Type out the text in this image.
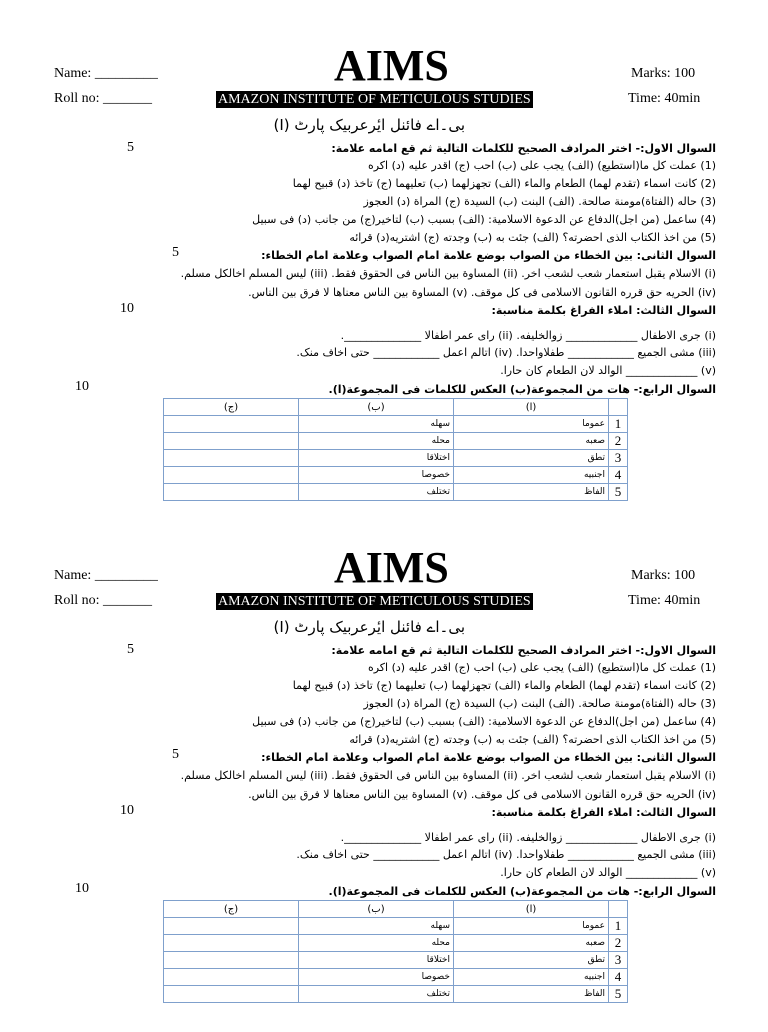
Name: _________
Roll no: _______
AIMS
AMAZON INSTITUTE OF METICULOUS STUDIES
Marks: 100
Time: 40min
بی۔اے فائنل ایٔرعربیک پارٹ (I)
5	السوال الاول:- اختر المرادف الصحیح للكلمات التالیة ثم قع امامه علامة:
(1) عملت کل ما(استطیع) (الف) یجب علی (ب) احب (ج) اقدر علیه (د) اکره
(2) کانت اسماء (تقدم لهما) الطعام والماء (الف) تجهزلهما (ب) تعليهما (ج) تاخذ (د) قبیح لهما
(3) حاله (الفتاة)مومنة صالحة. (الف) البنت (ب) السيدة (ج) المراة (د) العجوز
(4) ساعمل (من اجل)الدفاع عن الدعوة الاسلامیة: (الف) بسبب (ب) لتاخیر(ج) من جانب (د) فی سبیل
(5) من اخذ الکتاب الذی احضرته؟ (الف) جئت به (ب) وجدته (ج) اشتریه(د) قرائه
5	السوال الثانی: بین الخطاء من الصواب بوضع علامة امام الصواب وعلامة امام الخطاء:
(i) الاسلام یقبل استعمار شعب لشعب اخر. (ii) المساوة بین الناس فی الحقوق فقط. (iii) لیس المسلم اخالكل مسلم.
(iv) الحریه حق قرره القانون الاسلامی فی کل موقف. (v) المساوة بین الناس معناها لا فرق بین الناس.
10	السوال الثالث: املاء الفراغ بکلمة مناسبة:
(i) جری الاطفال _____________ زوالخلیفه. (ii) رای عمر اطفالا ______________.
(iii) مشی الجمیع ____________ طفلاواحدا. (iv) اتالم اعمل ____________ حتی اخاف منک.
(v) _____________ الوالد لان الطعام کان حارا.
10	السوال الرابع:- هات من المجموعة(ب) العکس للکلمات فی المجموعة(ا).
	(ا)	(ب)	(ج)
1	عموما	سهله	
2	صعبه	محله	
3	تطق	اختلاقا	
4	اجنبیه	خصوصا	
5	الفاظ	تختلف	
Name: _________
Roll no: _______
AIMS
AMAZON INSTITUTE OF METICULOUS STUDIES
Marks: 100
Time: 40min
بی۔اے فائنل ایٔرعربیک پارٹ (I)
5	السوال الاول:- اختر المرادف الصحیح للكلمات التالیة ثم قع امامه علامة:
(1) عملت کل ما(استطیع) (الف) یجب علی (ب) احب (ج) اقدر علیه (د) اکره
(2) کانت اسماء (تقدم لهما) الطعام والماء (الف) تجهزلهما (ب) تعليهما (ج) تاخذ (د) قبیح لهما
(3) حاله (الفتاة)مومنة صالحة. (الف) البنت (ب) السيدة (ج) المراة (د) العجوز
(4) ساعمل (من اجل)الدفاع عن الدعوة الاسلامیة: (الف) بسبب (ب) لتاخیر(ج) من جانب (د) فی سبیل
(5) من اخذ الکتاب الذی احضرته؟ (الف) جئت به (ب) وجدته (ج) اشتریه(د) قرائه
5	السوال الثانی: بین الخطاء من الصواب بوضع علامة امام الصواب وعلامة امام الخطاء:
(i) الاسلام یقبل استعمار شعب لشعب اخر. (ii) المساوة بین الناس فی الحقوق فقط. (iii) لیس المسلم اخالكل مسلم.
(iv) الحریه حق قرره القانون الاسلامی فی کل موقف. (v) المساوة بین الناس معناها لا فرق بین الناس.
10	السوال الثالث: املاء الفراغ بکلمة مناسبة:
(i) جری الاطفال _____________ زوالخلیفه. (ii) رای عمر اطفالا ______________.
(iii) مشی الجمیع ____________ طفلاواحدا. (iv) اتالم اعمل ____________ حتی اخاف منک.
(v) _____________ الوالد لان الطعام کان حارا.
10	السوال الرابع:- هات من المجموعة(ب) العکس للکلمات فی المجموعة(ا).
	(ا)	(ب)	(ج)
1	عموما	سهله	
2	صعبه	محله	
3	تطق	اختلاقا	
4	اجنبیه	خصوصا	
5	الفاظ	تختلف	
